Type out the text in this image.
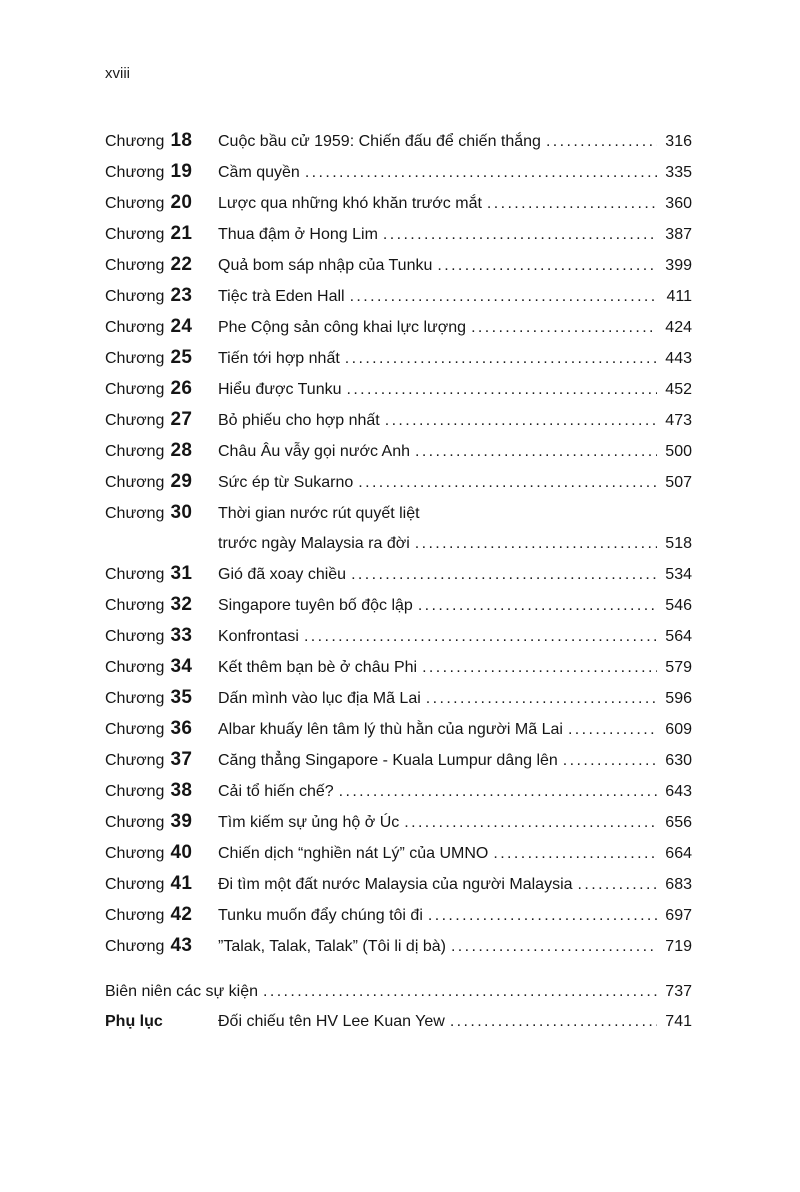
xviii
Chương 18 Cuộc bầu cử 1959: Chiến đấu để chiến thắng .....	316
Chương 19 Cầm quyền .....	335
Chương 20 Lược qua những khó khăn trước mắt .....	360
Chương 21 Thua đậm ở Hong Lim .....	387
Chương 22 Quả bom sáp nhập của Tunku .....	399
Chương 23 Tiệc trà Eden Hall .....	411
Chương 24 Phe Cộng sản công khai lực lượng .....	424
Chương 25 Tiến tới hợp nhất .....	443
Chương 26 Hiểu được Tunku .....	452
Chương 27 Bỏ phiếu cho hợp nhất .....	473
Chương 28 Châu Âu vẫy gọi nước Anh .....	500
Chương 29 Sức ép từ Sukarno .....	507
Chương 30 Thời gian nước rút quyết liệt
trước ngày Malaysia ra đời .....	518
Chương 31 Gió đã xoay chiều .....	534
Chương 32 Singapore tuyên bố độc lập .....	546
Chương 33 Konfrontasi .....	564
Chương 34 Kết thêm bạn bè ở châu Phi .....	579
Chương 35 Dấn mình vào lục địa Mã Lai .....	596
Chương 36 Albar khuấy lên tâm lý thù hằn của người Mã Lai .....	609
Chương 37 Căng thẳng Singapore - Kuala Lumpur dâng lên .....	630
Chương 38 Cải tổ hiến chế? .....	643
Chương 39 Tìm kiếm sự ủng hộ ở Úc .....	656
Chương 40 Chiến dịch “nghiền nát Lý” của UMNO .....	664
Chương 41 Đi tìm một đất nước Malaysia của người Malaysia .....	683
Chương 42 Tunku muốn đẩy chúng tôi đi .....	697
Chương 43 ”Talak, Talak, Talak” (Tôi li dị bà) .....	719
Biên niên các sự kiện .....	737
Phụ lục	Đối chiếu tên HV Lee Kuan Yew .....	741
